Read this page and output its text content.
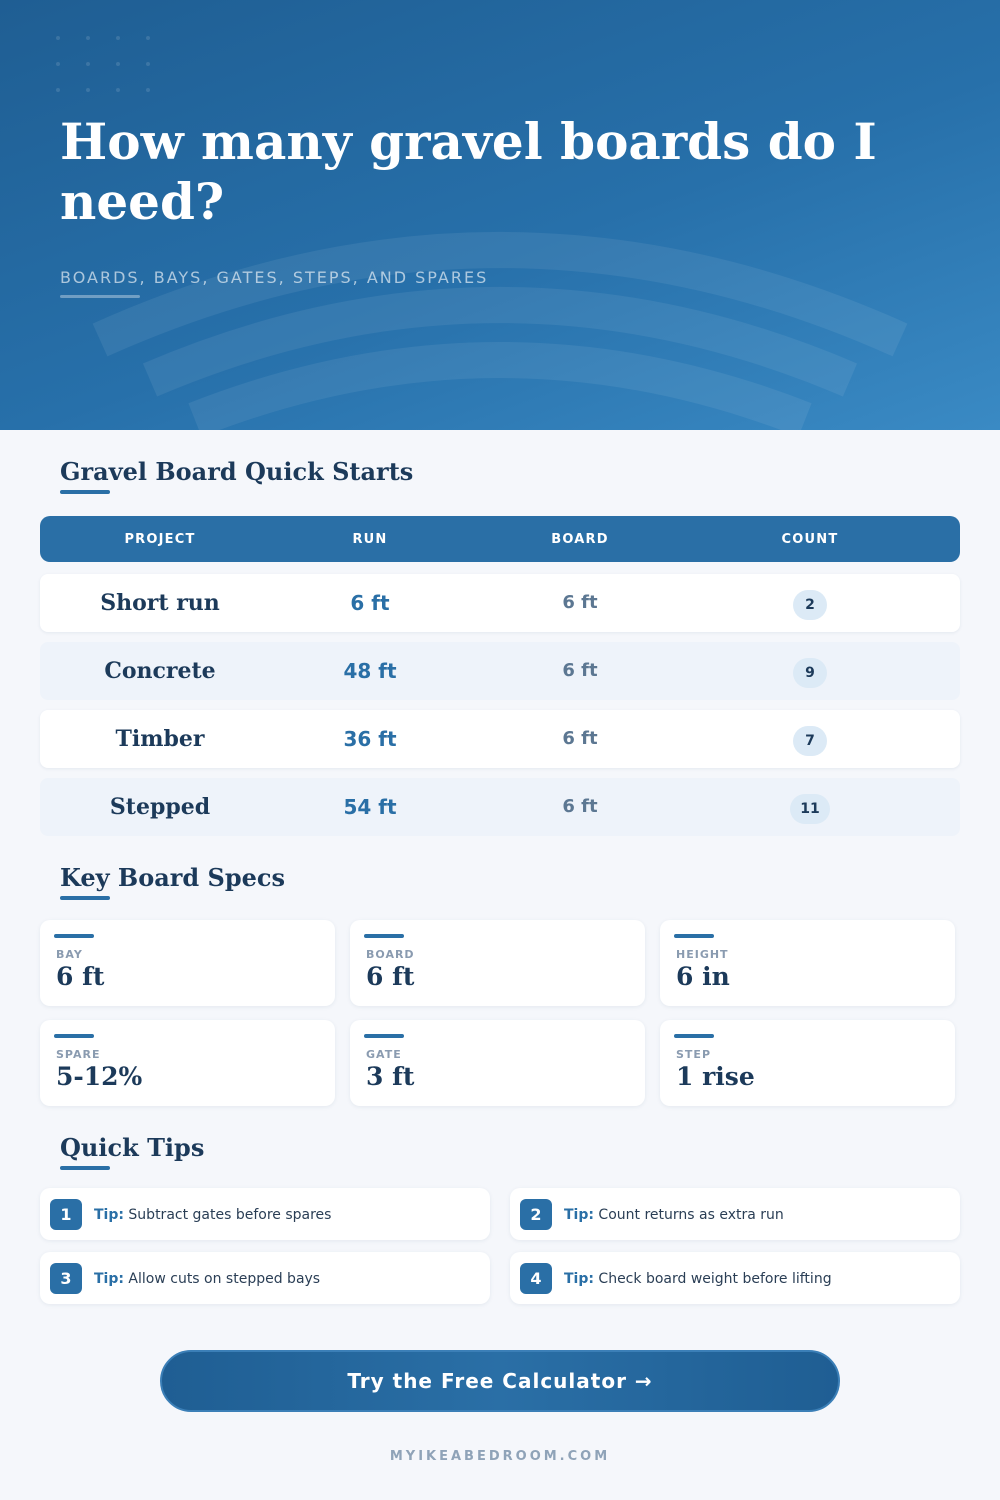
How many gravel boards do I need?
BOARDS, BAYS, GATES, STEPS, AND SPARES
Gravel Board Quick Starts
PROJECT	RUN	BOARD	COUNT
Short run	6 ft	6 ft	2
Concrete	48 ft	6 ft	9
Timber	36 ft	6 ft	7
Stepped	54 ft	6 ft	11
Key Board Specs
BAY
6 ft
BOARD
6 ft
HEIGHT
6 in
SPARE
5-12%
GATE
3 ft
STEP
1 rise
Quick Tips
1	Tip: Subtract gates before spares	2	Tip: Count returns as extra run
3	Tip: Allow cuts on stepped bays	4	Tip: Check board weight before lifting
Try the Free Calculator →
MYIKEABEDROOM.COM
